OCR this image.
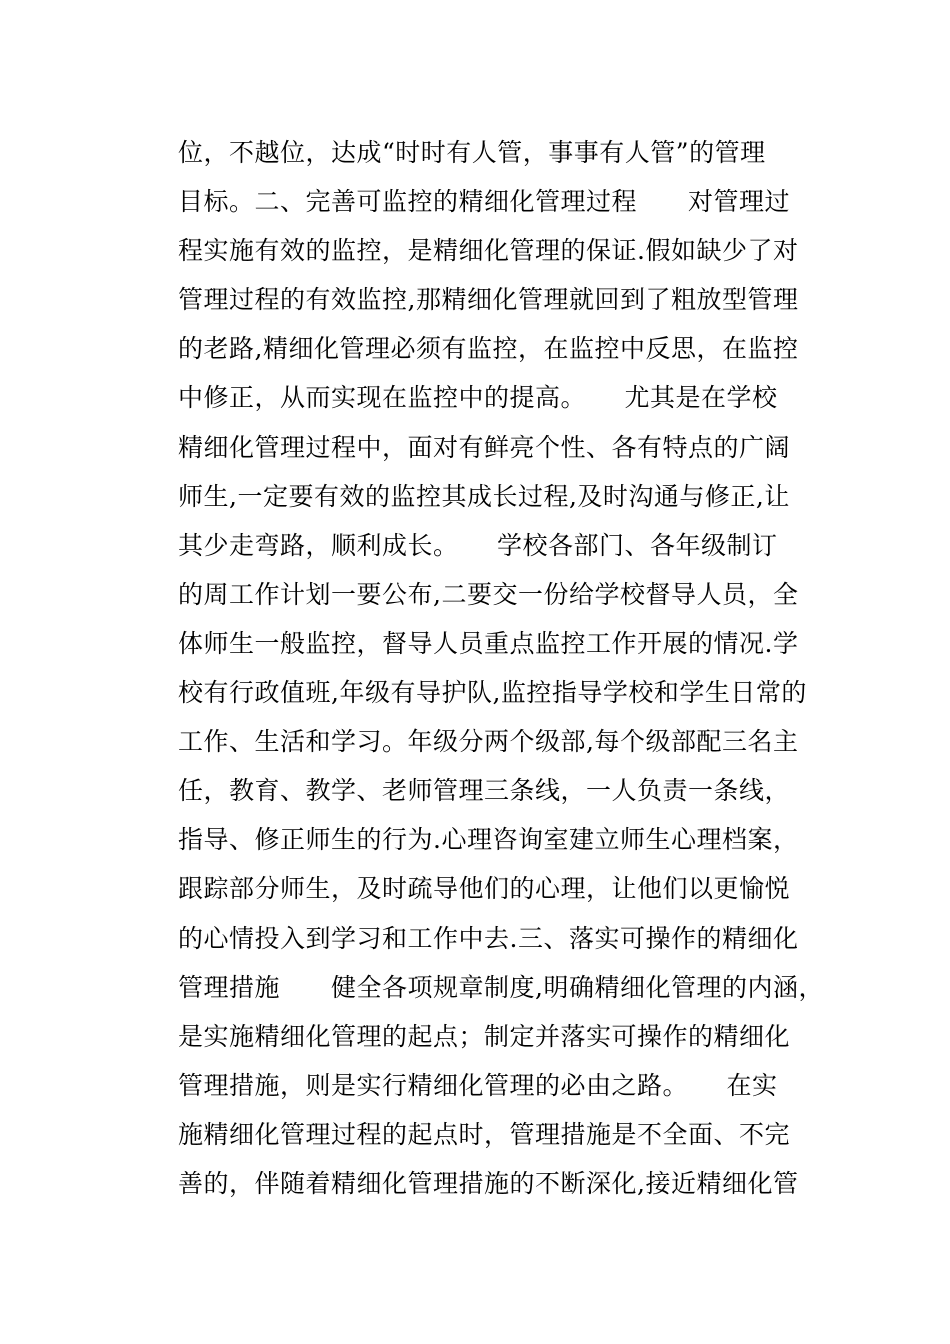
位，不越位，达成“时时有人管，事事有人管”的管理
目标。二、完善可监控的精细化管理过程　　对管理过
程实施有效的监控，是精细化管理的保证.假如缺少了对
管理过程的有效监控,那精细化管理就回到了粗放型管理
的老路,精细化管理必须有监控，在监控中反思，在监控
中修正，从而实现在监控中的提高。　　尤其是在学校
精细化管理过程中，面对有鲜亮个性、各有特点的广阔
师生,一定要有效的监控其成长过程,及时沟通与修正,让
其少走弯路，顺利成长。　　学校各部门、各年级制订
的周工作计划一要公布,二要交一份给学校督导人员，全
体师生一般监控，督导人员重点监控工作开展的情况.学
校有行政值班,年级有导护队,监控指导学校和学生日常的
工作、生活和学习。年级分两个级部,每个级部配三名主
任，教育、教学、老师管理三条线，一人负责一条线，
指导、修正师生的行为.心理咨询室建立师生心理档案，
跟踪部分师生，及时疏导他们的心理，让他们以更愉悦
的心情投入到学习和工作中去.三、落实可操作的精细化
管理措施　　健全各项规章制度,明确精细化管理的内涵，
是实施精细化管理的起点；制定并落实可操作的精细化
管理措施，则是实行精细化管理的必由之路。　　在实
施精细化管理过程的起点时，管理措施是不全面、不完
善的，伴随着精细化管理措施的不断深化,接近精细化管
